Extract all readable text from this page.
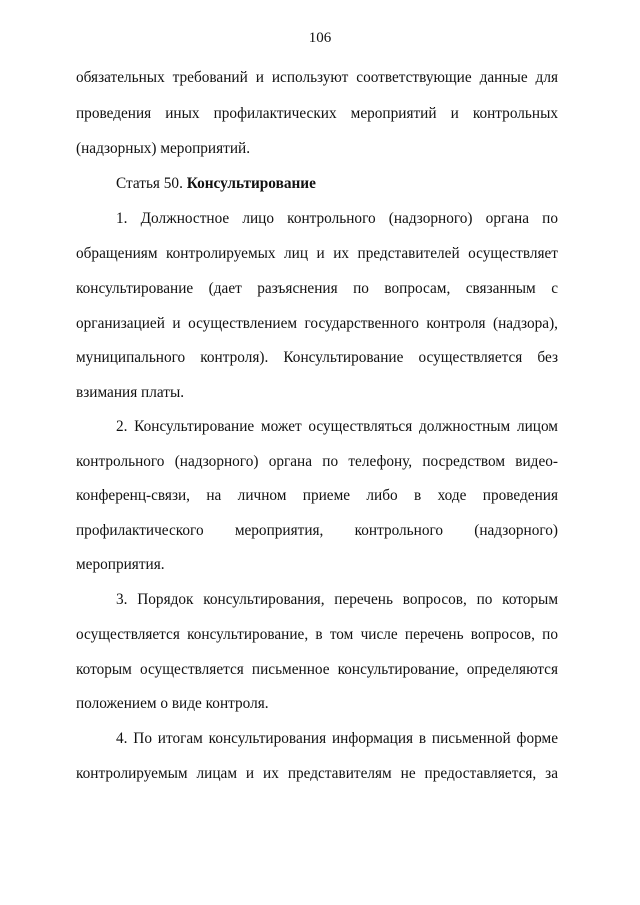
106
обязательных требований и используют соответствующие данные для
проведения иных профилактических мероприятий и контрольных
(надзорных) мероприятий.
Статья 50. Консультирование
1. Должностное лицо контрольного (надзорного) органа по
обращениям контролируемых лиц и их представителей осуществляет
консультирование (дает разъяснения по вопросам, связанным с
организацией и осуществлением государственного контроля (надзора),
муниципального контроля). Консультирование осуществляется без
взимания платы.
2. Консультирование может осуществляться должностным лицом
контрольного (надзорного) органа по телефону, посредством видео-
конференц-связи, на личном приеме либо в ходе проведения
профилактического мероприятия, контрольного (надзорного)
мероприятия.
3. Порядок консультирования, перечень вопросов, по которым
осуществляется консультирование, в том числе перечень вопросов, по
которым осуществляется письменное консультирование, определяются
положением о виде контроля.
4. По итогам консультирования информация в письменной форме
контролируемым лицам и их представителям не предоставляется, за
